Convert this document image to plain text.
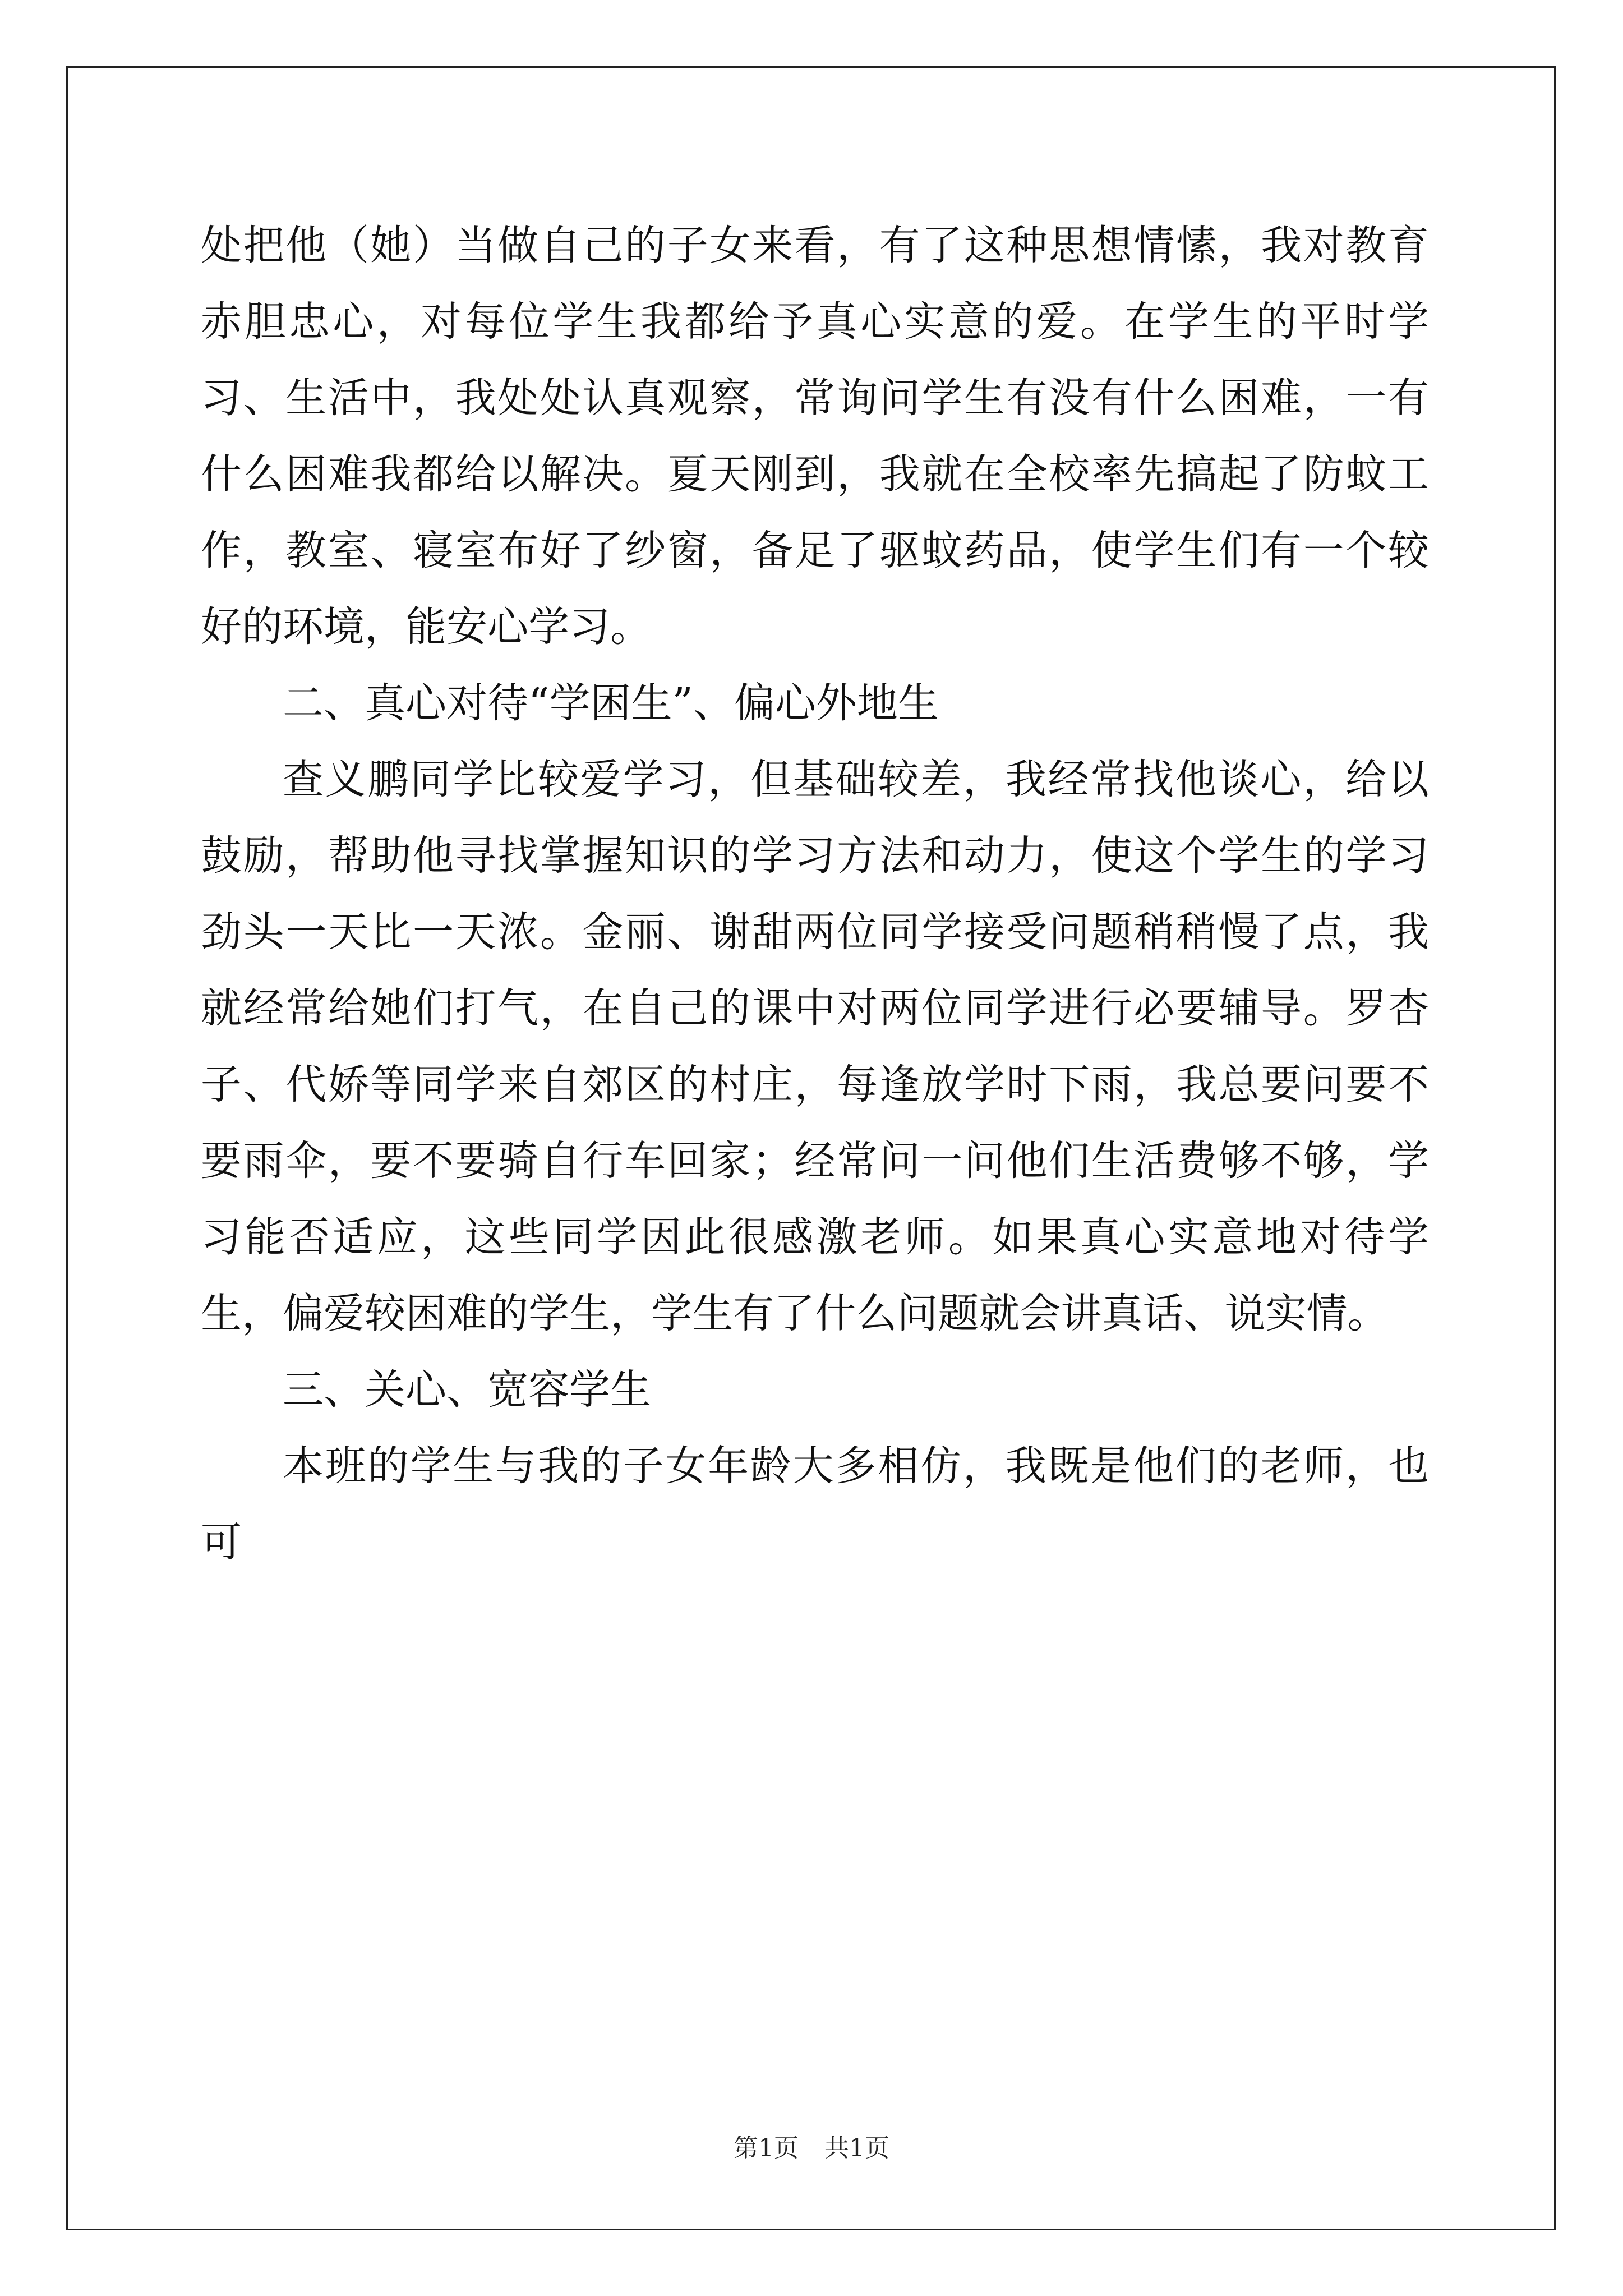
处把他（她）当做自己的子女来看，有了这种思想情愫，我对教育赤胆忠心，对每位学生我都给予真心实意的爱。在学生的平时学习、生活中，我处处认真观察，常询问学生有没有什么困难，一有什么困难我都给以解决。夏天刚到，我就在全校率先搞起了防蚊工作，教室、寝室布好了纱窗，备足了驱蚊药品，使学生们有一个较好的环境，能安心学习。

二、真心对待“学困生”、偏心外地生

查义鹏同学比较爱学习，但基础较差，我经常找他谈心，给以鼓励，帮助他寻找掌握知识的学习方法和动力，使这个学生的学习劲头一天比一天浓。金丽、谢甜两位同学接受问题稍稍慢了点，我就经常给她们打气，在自己的课中对两位同学进行必要辅导。罗杏子、代娇等同学来自郊区的村庄，每逢放学时下雨，我总要问要不要雨伞，要不要骑自行车回家；经常问一问他们生活费够不够，学习能否适应，这些同学因此很感激老师。如果真心实意地对待学生，偏爱较困难的学生，学生有了什么问题就会讲真话、说实情。

三、关心、宽容学生

本班的学生与我的子女年龄大多相仿，我既是他们的老师，也可

第1页 共1页
